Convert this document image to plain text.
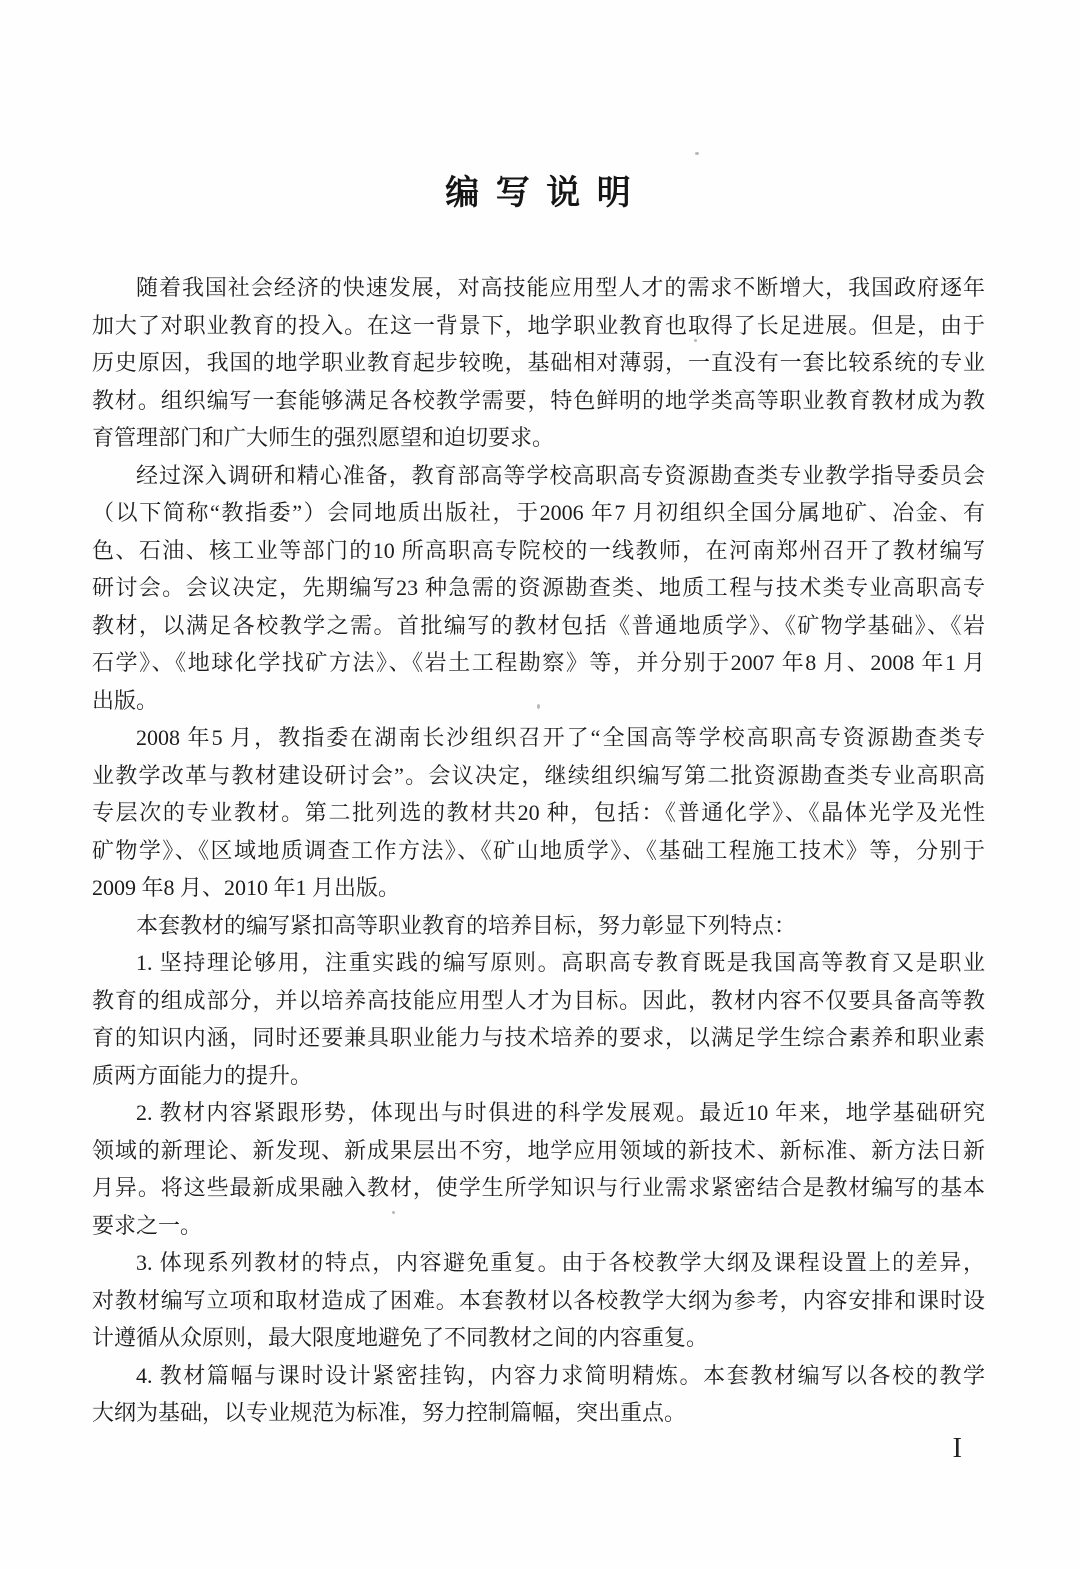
编 写 说 明
随着我国社会经济的快速发展，对高技能应用型人才的需求不断增大，我国政府逐年
加大了对职业教育的投入。在这一背景下，地学职业教育也取得了长足进展。但是，由于
历史原因，我国的地学职业教育起步较晚，基础相对薄弱，一直没有一套比较系统的专业
教材。组织编写一套能够满足各校教学需要，特色鲜明的地学类高等职业教育教材成为教
育管理部门和广大师生的强烈愿望和迫切要求。
经过深入调研和精心准备，教育部高等学校高职高专资源勘查类专业教学指导委员会
（以下简称“教指委”）会同地质出版社，于2006 年7 月初组织全国分属地矿、冶金、有
色、石油、核工业等部门的10 所高职高专院校的一线教师，在河南郑州召开了教材编写
研讨会。会议决定，先期编写23 种急需的资源勘查类、地质工程与技术类专业高职高专
教材，以满足各校教学之需。首批编写的教材包括《普通地质学》、《矿物学基础》、《岩
石学》、《地球化学找矿方法》、《岩土工程勘察》等，并分别于2007 年8 月、2008 年1 月
出版。
2008 年5 月，教指委在湖南长沙组织召开了“全国高等学校高职高专资源勘查类专
业教学改革与教材建设研讨会”。会议决定，继续组织编写第二批资源勘查类专业高职高
专层次的专业教材。第二批列选的教材共20 种，包括：《普通化学》、《晶体光学及光性
矿物学》、《区域地质调查工作方法》、《矿山地质学》、《基础工程施工技术》等，分别于
2009 年8 月、2010 年1 月出版。
本套教材的编写紧扣高等职业教育的培养目标，努力彰显下列特点：
1. 坚持理论够用，注重实践的编写原则。高职高专教育既是我国高等教育又是职业
教育的组成部分，并以培养高技能应用型人才为目标。因此，教材内容不仅要具备高等教
育的知识内涵，同时还要兼具职业能力与技术培养的要求，以满足学生综合素养和职业素
质两方面能力的提升。
2. 教材内容紧跟形势，体现出与时俱进的科学发展观。最近10 年来，地学基础研究
领域的新理论、新发现、新成果层出不穷，地学应用领域的新技术、新标准、新方法日新
月异。将这些最新成果融入教材，使学生所学知识与行业需求紧密结合是教材编写的基本
要求之一。
3. 体现系列教材的特点，内容避免重复。由于各校教学大纲及课程设置上的差异，
对教材编写立项和取材造成了困难。本套教材以各校教学大纲为参考，内容安排和课时设
计遵循从众原则，最大限度地避免了不同教材之间的内容重复。
4. 教材篇幅与课时设计紧密挂钩，内容力求简明精炼。本套教材编写以各校的教学
大纲为基础，以专业规范为标准，努力控制篇幅，突出重点。
I
